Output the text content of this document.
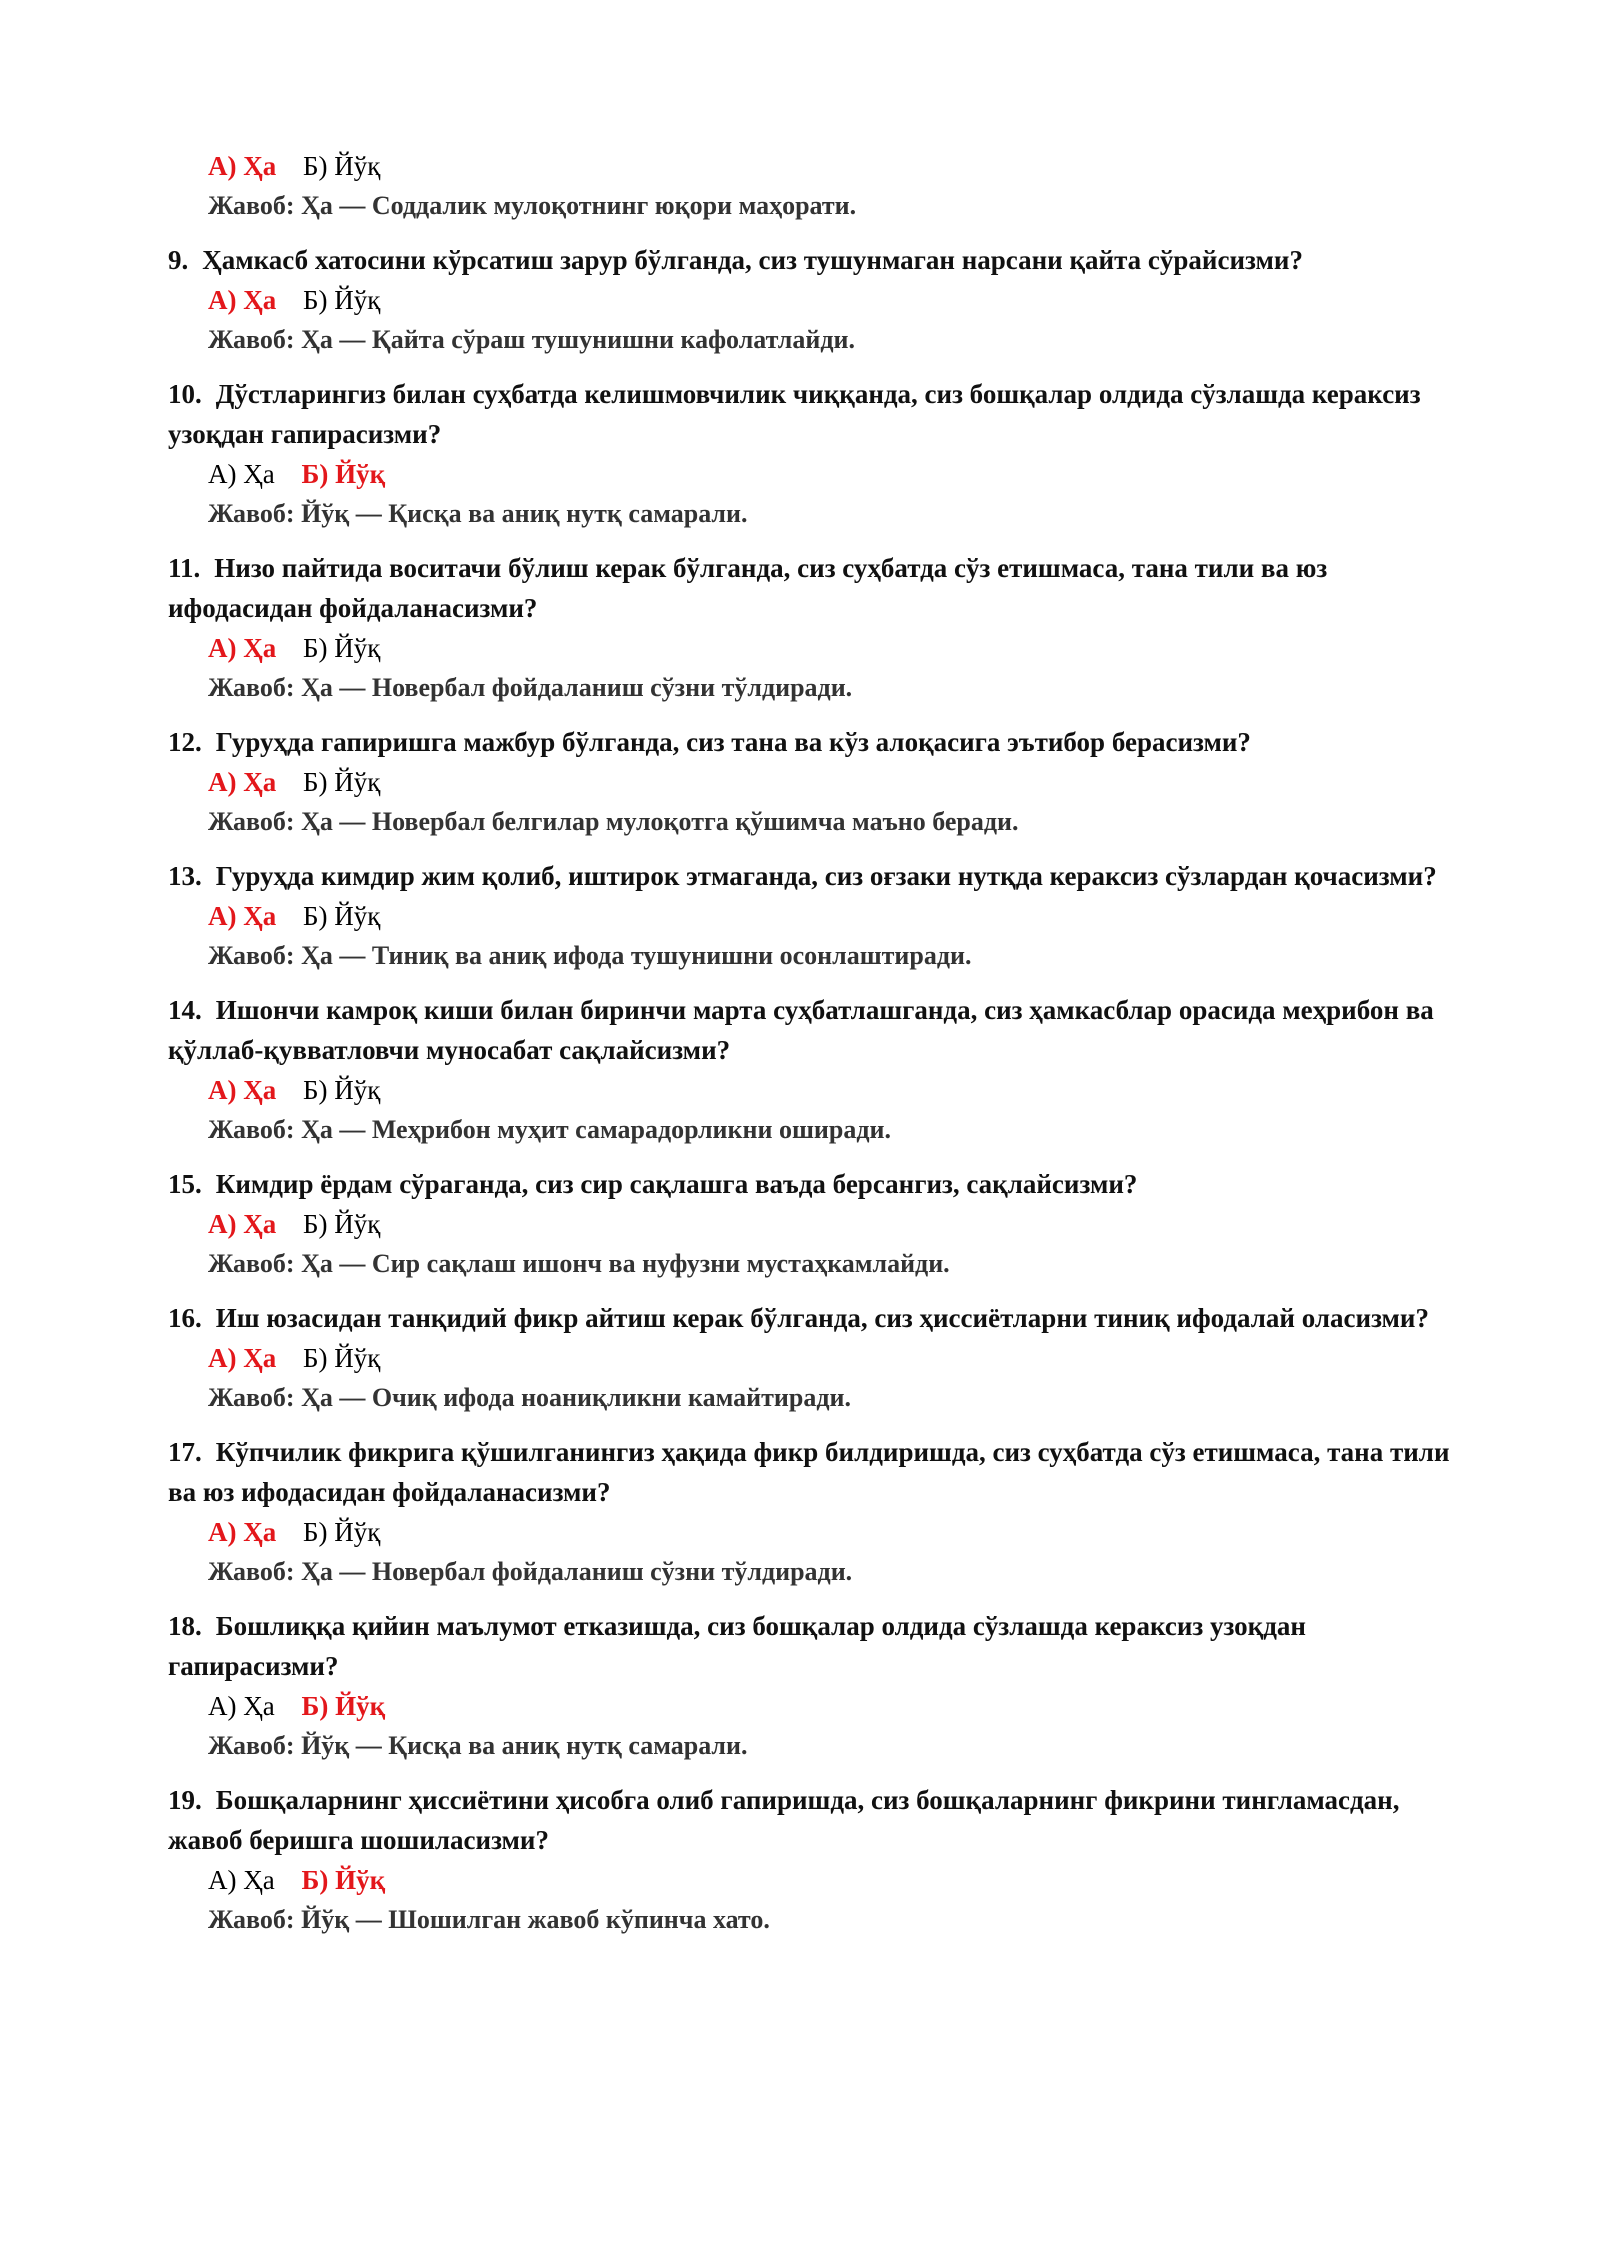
А) Ҳа Б) Йўқ
Жавоб: Ҳа — Соддалик мулоқотнинг юқори маҳорати.
9. Ҳамкасб хатосини кўрсатиш зарур бўлганда, сиз тушунмаган нарсани қайта сўрайсизми?
А) Ҳа Б) Йўқ
Жавоб: Ҳа — Қайта сўраш тушунишни кафолатлайди.
10. Дўстларингиз билан суҳбатда келишмовчилик чиққанда, сиз бошқалар олдида сўзлашда кераксиз узоқдан гапирасизми?
А) Ҳа Б) Йўқ
Жавоб: Йўқ — Қисқа ва аниқ нутқ самарали.
11. Низо пайтида воситачи бўлиш керак бўлганда, сиз суҳбатда сўз етишмаса, тана тили ва юз ифодасидан фойдаланасизми?
А) Ҳа Б) Йўқ
Жавоб: Ҳа — Новербал фойдаланиш сўзни тўлдиради.
12. Гуруҳда гапиришга мажбур бўлганда, сиз тана ва кўз алоқасига эътибор берасизми?
А) Ҳа Б) Йўқ
Жавоб: Ҳа — Новербал белгилар мулоқотга қўшимча маъно беради.
13. Гуруҳда кимдир жим қолиб, иштирок этмаганда, сиз оғзаки нутқда кераксиз сўзлардан қочасизми?
А) Ҳа Б) Йўқ
Жавоб: Ҳа — Тиниқ ва аниқ ифода тушунишни осонлаштиради.
14. Ишончи камроқ киши билан биринчи марта суҳбатлашганда, сиз ҳамкасблар орасида меҳрибон ва қўллаб-қувватловчи муносабат сақлайсизми?
А) Ҳа Б) Йўқ
Жавоб: Ҳа — Меҳрибон муҳит самарадорликни оширади.
15. Кимдир ёрдам сўраганда, сиз сир сақлашга ваъда берсангиз, сақлайсизми?
А) Ҳа Б) Йўқ
Жавоб: Ҳа — Сир сақлаш ишонч ва нуфузни мустаҳкамлайди.
16. Иш юзасидан танқидий фикр айтиш керак бўлганда, сиз ҳиссиётларни тиниқ ифодалай оласизми?
А) Ҳа Б) Йўқ
Жавоб: Ҳа — Очиқ ифода ноаниқликни камайтиради.
17. Кўпчилик фикрига қўшилганингиз ҳақида фикр билдиришда, сиз суҳбатда сўз етишмаса, тана тили ва юз ифодасидан фойдаланасизми?
А) Ҳа Б) Йўқ
Жавоб: Ҳа — Новербал фойдаланиш сўзни тўлдиради.
18. Бошлиққа қийин маълумот етказишда, сиз бошқалар олдида сўзлашда кераксиз узоқдан гапирасизми?
А) Ҳа Б) Йўқ
Жавоб: Йўқ — Қисқа ва аниқ нутқ самарали.
19. Бошқаларнинг ҳиссиётини ҳисобга олиб гапиришда, сиз бошқаларнинг фикрини тингламасдан, жавоб беришга шошиласизми?
А) Ҳа Б) Йўқ
Жавоб: Йўқ — Шошилган жавоб кўпинча хато.
